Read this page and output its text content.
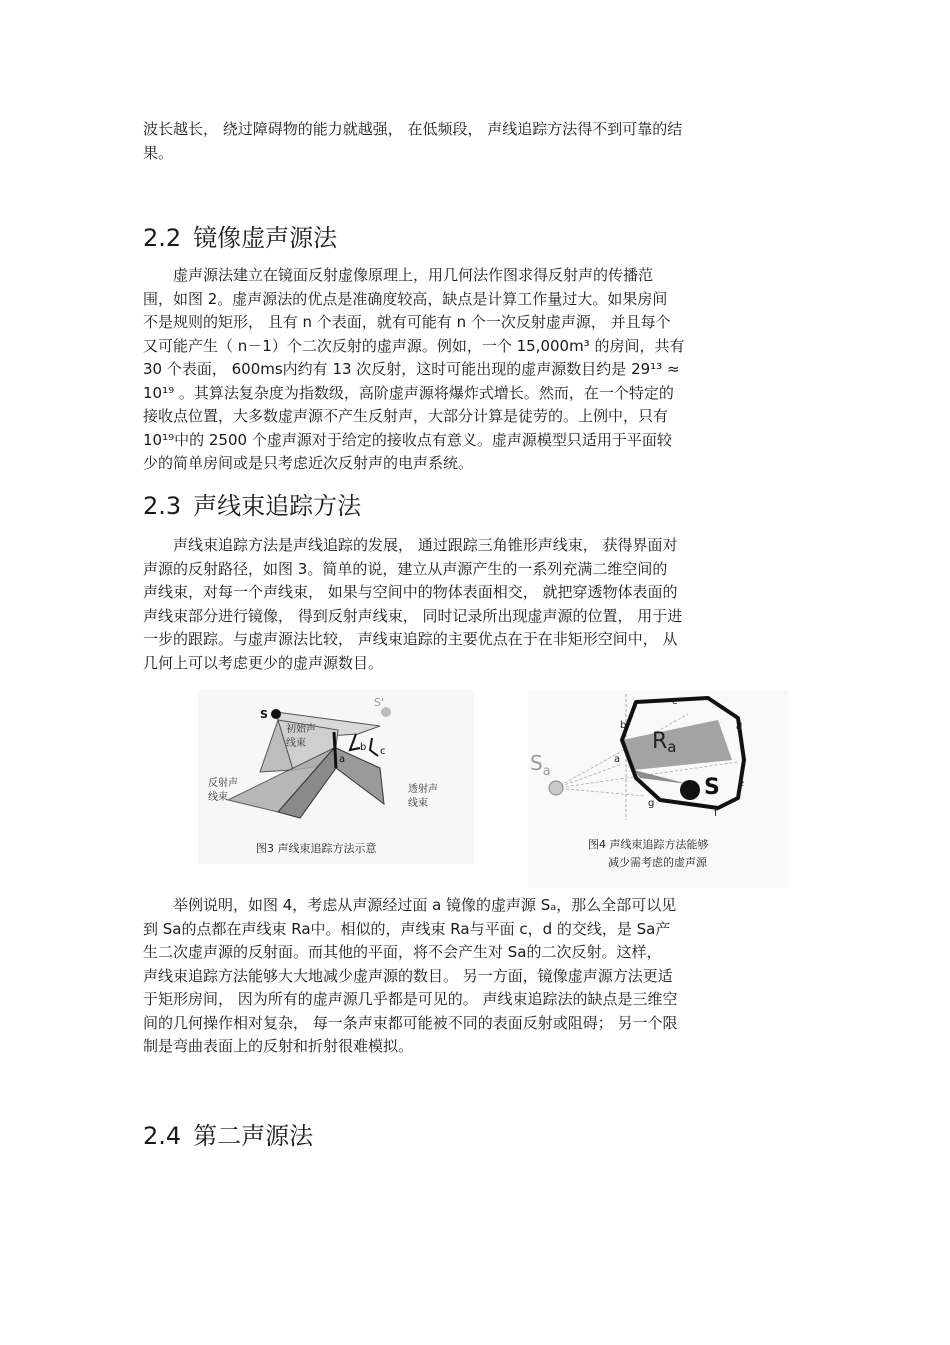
波长越长， 绕过障碍物的能力就越强， 在低频段， 声线追踪方法得不到可靠的结
果。
2.2 镜像虚声源法
　　虚声源法建立在镜面反射虚像原理上，用几何法作图求得反射声的传播范
围，如图 2。虚声源法的优点是准确度较高，缺点是计算工作量过大。如果房间
不是规则的矩形， 且有 n 个表面，就有可能有 n 个一次反射虚声源， 并且每个
又可能产生（ n－1）个二次反射的虚声源。例如，一个 15,000m³ 的房间，共有
30 个表面， 600ms内约有 13 次反射，这时可能出现的虚声源数目约是 29¹³ ≈
10¹⁹ 。其算法复杂度为指数级，高阶虚声源将爆炸式增长。然而，在一个特定的
接收点位置，大多数虚声源不产生反射声，大部分计算是徒劳的。上例中，只有
10¹⁹中的 2500 个虚声源对于给定的接收点有意义。虚声源模型只适用于平面较
少的简单房间或是只考虑近次反射声的电声系统。
2.3 声线束追踪方法
　　声线束追踪方法是声线追踪的发展， 通过跟踪三角锥形声线束， 获得界面对
声源的反射路径，如图 3。简单的说，建立从声源产生的一系列充满二维空间的
声线束，对每一个声线束， 如果与空间中的物体表面相交， 就把穿透物体表面的
声线束部分进行镜像， 得到反射声线束， 同时记录所出现虚声源的位置， 用于进
一步的跟踪。与虚声源法比较， 声线束追踪的主要优点在于在非矩形空间中， 从
几何上可以考虑更少的虚声源数目。
S
S'
初始声
线束
反射声
线束
透射声
线束
a
b c
图3 声线束追踪方法示意
$S_a$
Ra
S
a
b
c
d
e
f
g
图4 声线束追踪方法能够
减少需考虑的虚声源
　　举例说明，如图 4，考虑从声源经过面 a 镜像的虚声源 Sₐ，那么全部可以见
到 Sa的点都在声线束 Ra中。相似的，声线束 Ra与平面 c，d 的交线，是 Sa产
生二次虚声源的反射面。而其他的平面，将不会产生对 Sa的二次反射。这样，
声线束追踪方法能够大大地减少虚声源的数目。 另一方面，镜像虚声源方法更适
于矩形房间， 因为所有的虚声源几乎都是可见的。 声线束追踪法的缺点是三维空
间的几何操作相对复杂， 每一条声束都可能被不同的表面反射或阻碍； 另一个限
制是弯曲表面上的反射和折射很难模拟。
2.4 第二声源法
